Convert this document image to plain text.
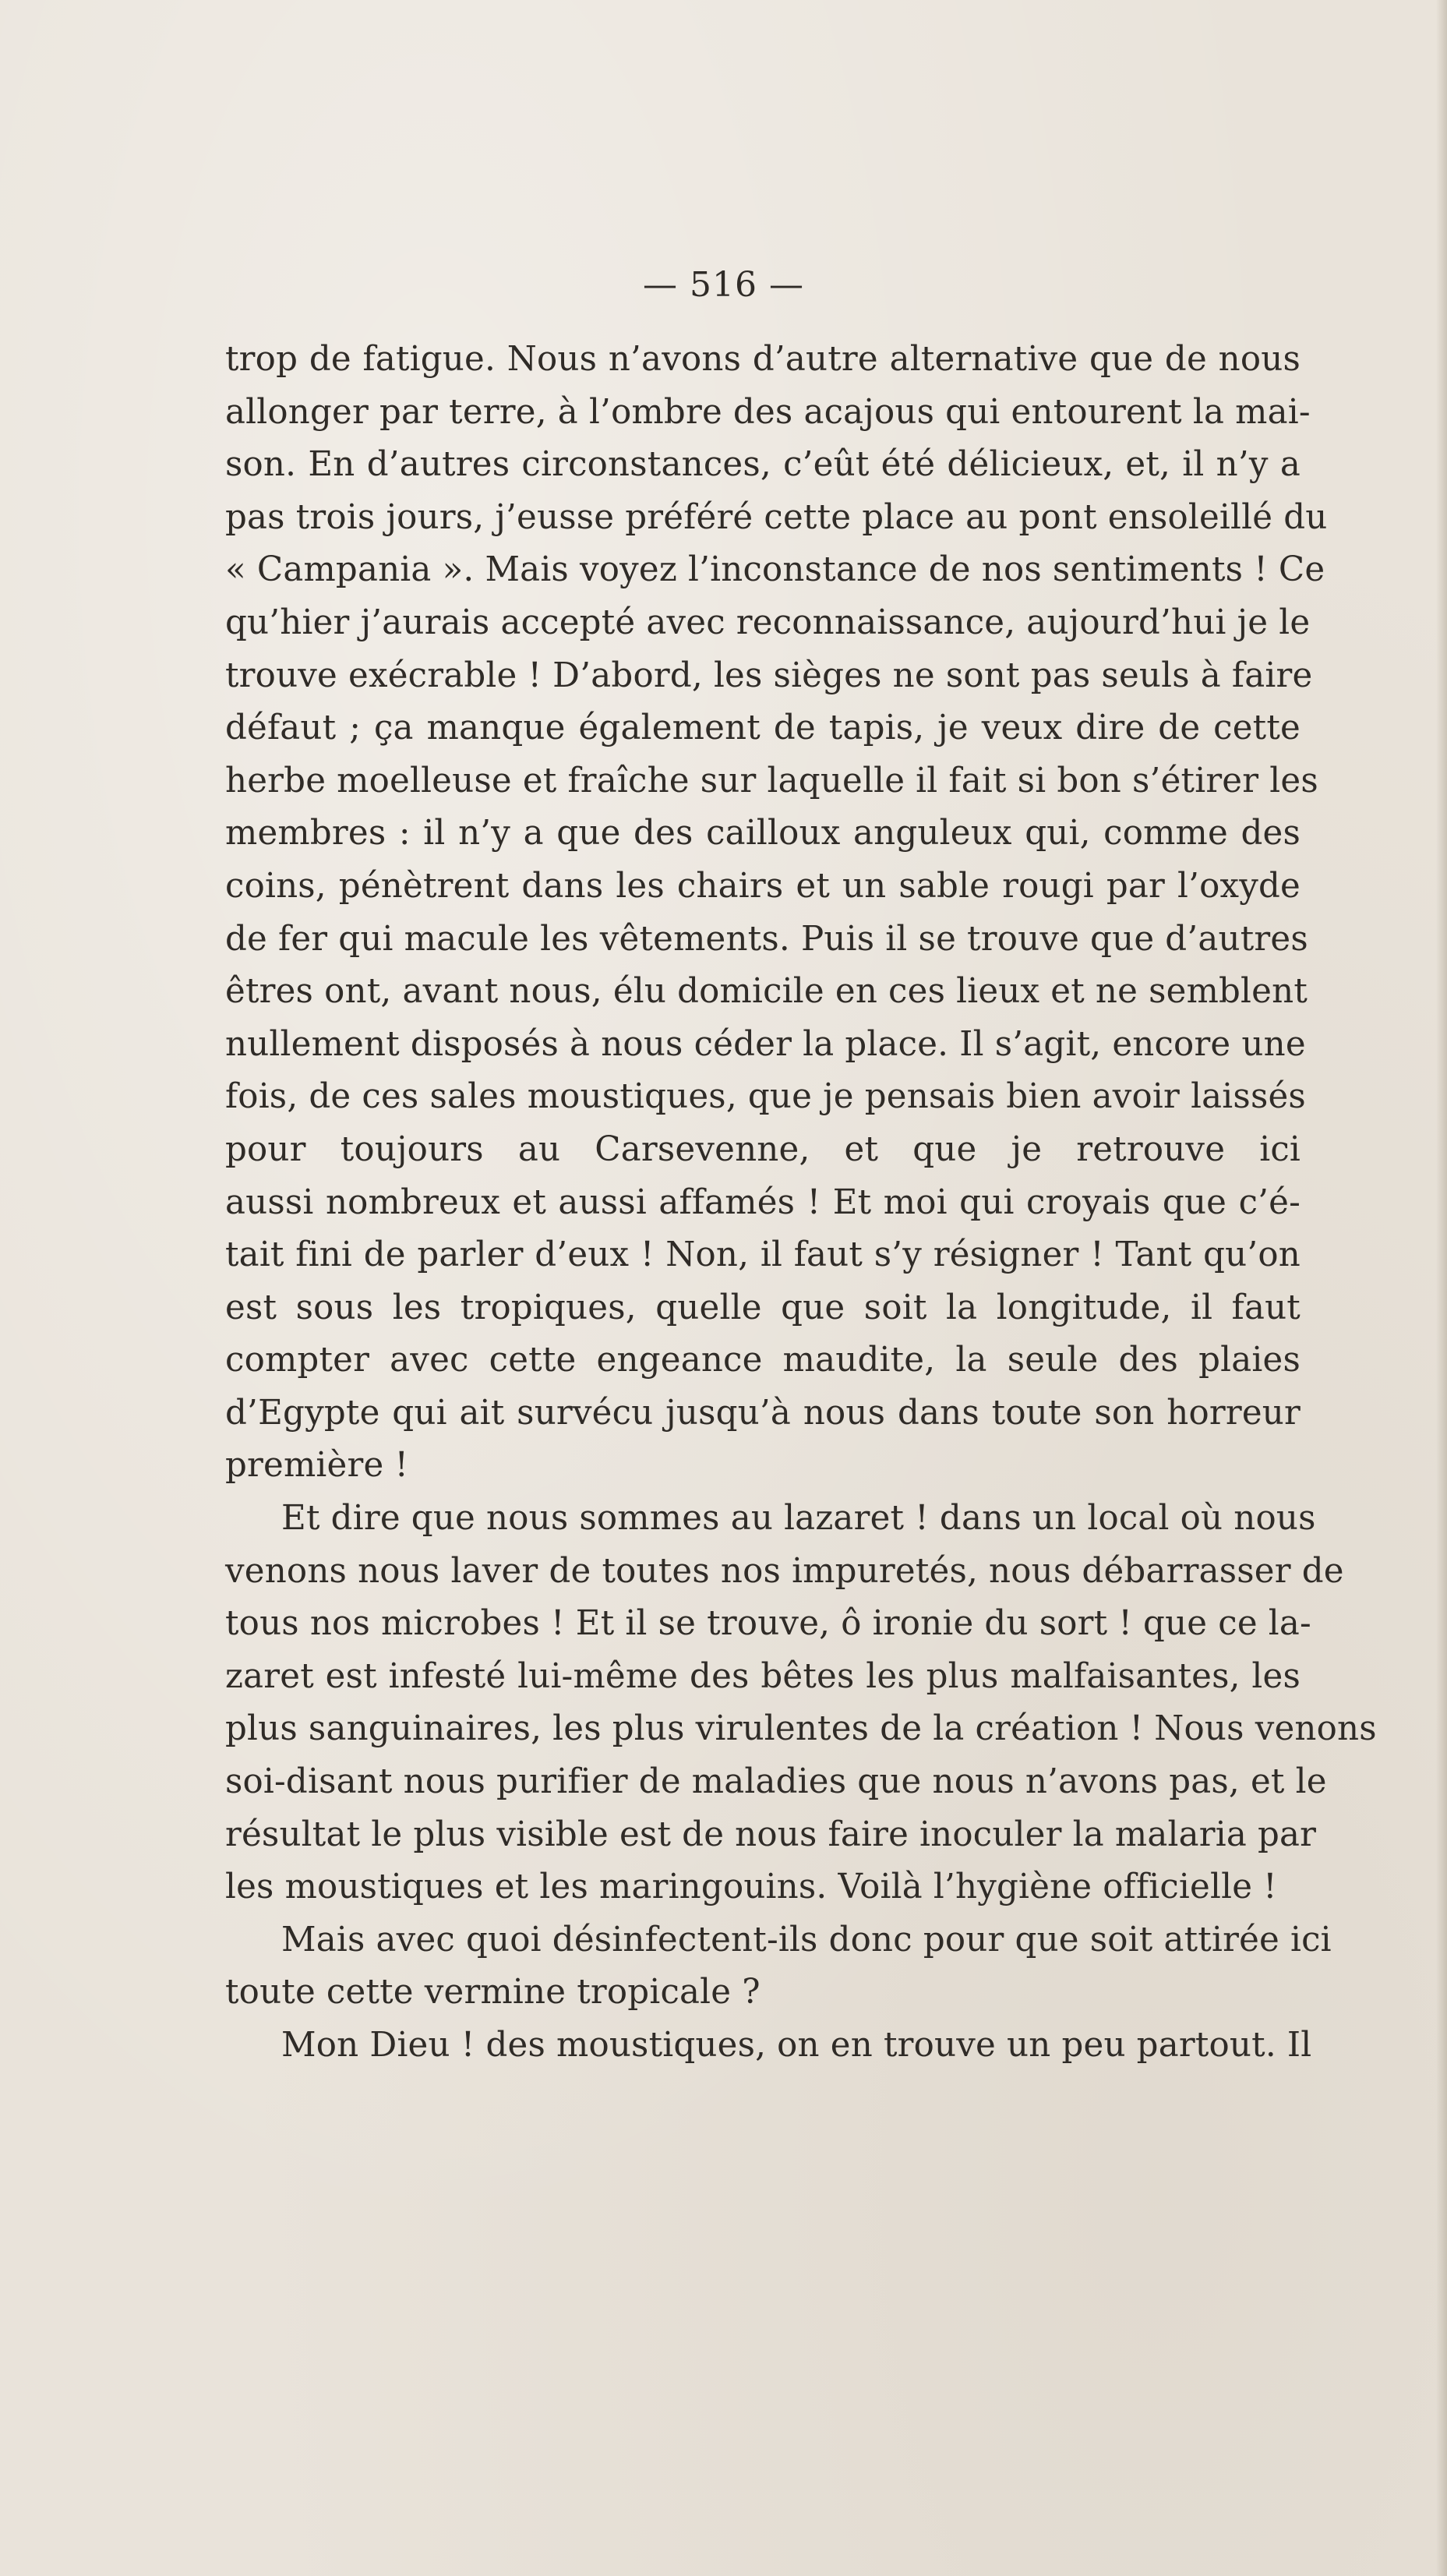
— 516 —
trop de fatigue. Nous n’avons d’autre alternative que de nous
allonger par terre, à l’ombre des acajous qui entourent la mai-
son. En d’autres circonstances, c’eût été délicieux, et, il n’y a
pas trois jours, j’eusse préféré cette place au pont ensoleillé du
« Campania ». Mais voyez l’inconstance de nos sentiments ! Ce
qu’hier j’aurais accepté avec reconnaissance, aujourd’hui je le
trouve exécrable ! D’abord, les sièges ne sont pas seuls à faire
défaut ; ça manque également de tapis, je veux dire de cette
herbe moelleuse et fraîche sur laquelle il fait si bon s’étirer les
membres : il n’y a que des cailloux anguleux qui, comme des
coins, pénètrent dans les chairs et un sable rougi par l’oxyde
de fer qui macule les vêtements. Puis il se trouve que d’autres
êtres ont, avant nous, élu domicile en ces lieux et ne semblent
nullement disposés à nous céder la place. Il s’agit, encore une
fois, de ces sales moustiques, que je pensais bien avoir laissés
pour toujours au Carsevenne, et que je retrouve ici
aussi nombreux et aussi affamés ! Et moi qui croyais que c’é-
tait fini de parler d’eux ! Non, il faut s’y résigner ! Tant qu’on
est sous les tropiques, quelle que soit la longitude, il faut
compter avec cette engeance maudite, la seule des plaies
d’Egypte qui ait survécu jusqu’à nous dans toute son horreur
première !
Et dire que nous sommes au lazaret ! dans un local où nous
venons nous laver de toutes nos impuretés, nous débarrasser de
tous nos microbes ! Et il se trouve, ô ironie du sort ! que ce la-
zaret est infesté lui-même des bêtes les plus malfaisantes, les
plus sanguinaires, les plus virulentes de la création ! Nous venons
soi-disant nous purifier de maladies que nous n’avons pas, et le
résultat le plus visible est de nous faire inoculer la malaria par
les moustiques et les maringouins. Voilà l’hygiène officielle !
Mais avec quoi désinfectent-ils donc pour que soit attirée ici
toute cette vermine tropicale ?
Mon Dieu ! des moustiques, on en trouve un peu partout. Il
